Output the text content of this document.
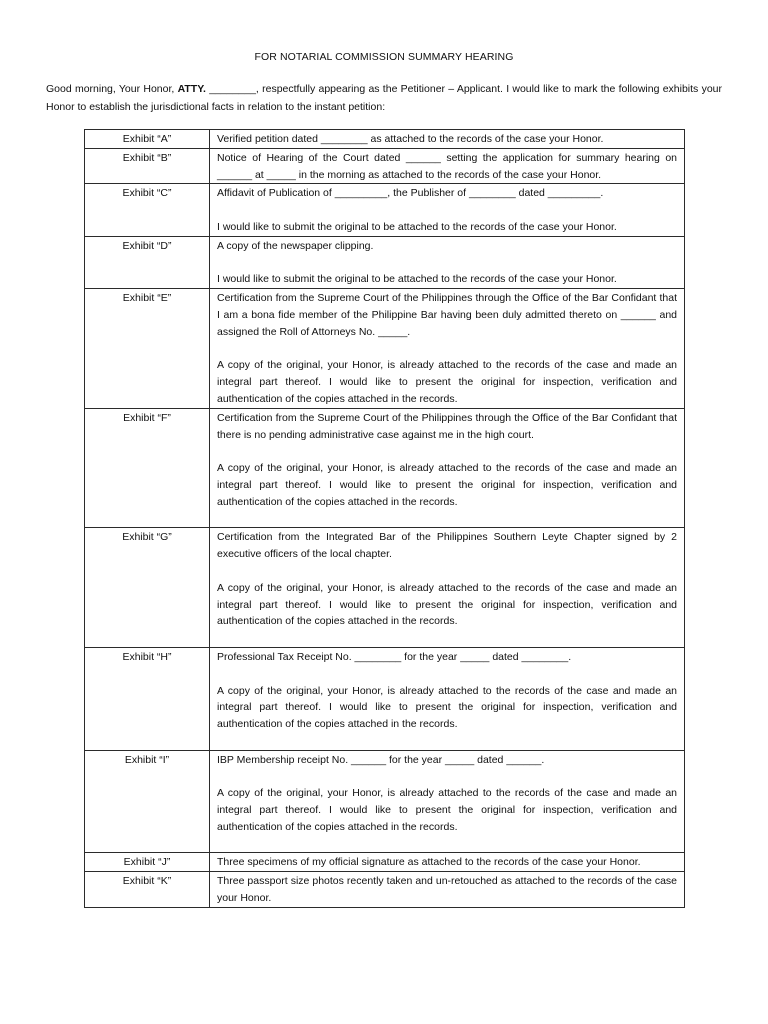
FOR NOTARIAL COMMISSION SUMMARY HEARING
Good morning, Your Honor, ATTY. ________, respectfully appearing as the Petitioner – Applicant. I would like to mark the following exhibits your Honor to establish the jurisdictional facts in relation to the instant petition:
Exhibit “A”	Verified petition dated ________ as attached to the records of the case your Honor.

Exhibit “B”	Notice of Hearing of the Court dated ______ setting the application for summary hearing on ______ at _____ in the morning as attached to the records of the case your Honor.

Exhibit “C”	Affidavit of Publication of _________, the Publisher of ________ dated _________.

I would like to submit the original to be attached to the records of the case your Honor.

Exhibit “D”	A copy of the newspaper clipping.

I would like to submit the original to be attached to the records of the case your Honor.

Exhibit “E”	Certification from the Supreme Court of the Philippines through the Office of the Bar Confidant that I am a bona fide member of the Philippine Bar having been duly admitted thereto on ______ and assigned the Roll of Attorneys No. _____.

A copy of the original, your Honor, is already attached to the records of the case and made an integral part thereof. I would like to present the original for inspection, verification and authentication of the copies attached in the records.

Exhibit “F”	Certification from the Supreme Court of the Philippines through the Office of the Bar Confidant that there is no pending administrative case against me in the high court.

A copy of the original, your Honor, is already attached to the records of the case and made an integral part thereof. I would like to present the original for inspection, verification and authentication of the copies attached in the records.

Exhibit “G”	Certification from the Integrated Bar of the Philippines Southern Leyte Chapter signed by 2 executive officers of the local chapter.

A copy of the original, your Honor, is already attached to the records of the case and made an integral part thereof. I would like to present the original for inspection, verification and authentication of the copies attached in the records.

Exhibit “H”	Professional Tax Receipt No. ________ for the year _____ dated ________.

A copy of the original, your Honor, is already attached to the records of the case and made an integral part thereof. I would like to present the original for inspection, verification and authentication of the copies attached in the records.

Exhibit “I”	IBP Membership receipt No. ______ for the year _____ dated ______.

A copy of the original, your Honor, is already attached to the records of the case and made an integral part thereof. I would like to present the original for inspection, verification and authentication of the copies attached in the records.

Exhibit “J”	Three specimens of my official signature as attached to the records of the case your Honor.

Exhibit “K”	Three passport size photos recently taken and un-retouched as attached to the records of the case your Honor.
